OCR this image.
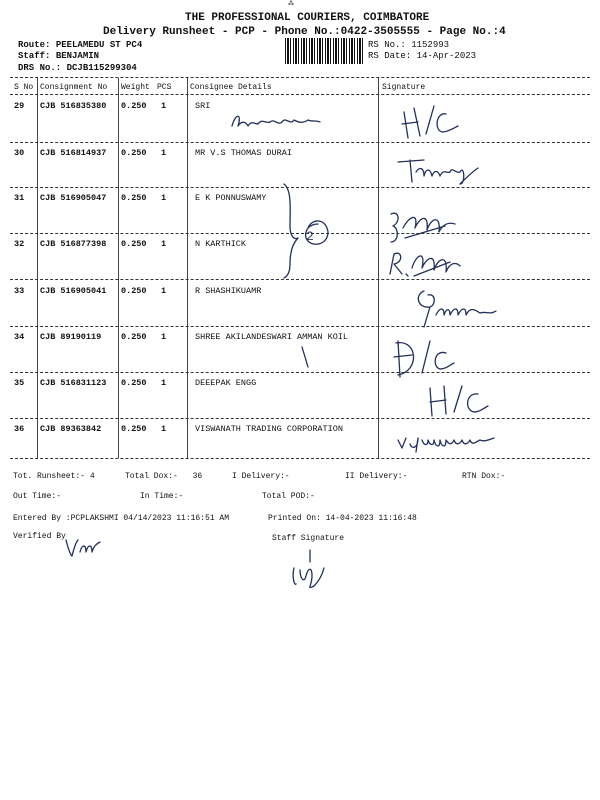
⁂
THE PROFESSIONAL COURIERS, COIMBATORE
Delivery Runsheet - PCP - Phone No.:0422-3505555 - Page No.:4
Route: PEELAMEDU ST PC4
Staff: BENJAMIN
DRS No.: DCJB115299304
RS No.: 1152993
RS Date: 14-Apr-2023
S No Consignment No Weight PCS Consignee Details	Signature
29 CJB 516835380 0.250 1	SRI
30 CJB 516814937 0.250 1	MR V.S THOMAS DURAI
31 CJB 516905047 0.250 1	E K PONNUSWAMY
32 CJB 516877398 0.250 1	N KARTHICK
33 CJB 516905041 0.250 1	R SHASHIKUAMR
34 CJB 89190119 0.250 1	SHREE AKILANDESWARI AMMAN KOIL
35 CJB 516831123 0.250 1	DEEEPAK ENGG
36 CJB 89363842 0.250 1	VISWANATH TRADING CORPORATION
2
Tot. Runsheet:- 4	Total Dox:- 36	I Delivery:-	II Delivery:-	RTN Dox:-
Out Time:-	In Time:-	Total POD:-
Entered By :PCPLAKSHMI 04/14/2023 11:16:51 AM	Printed On: 14-04-2023 11:16:48
Verified By	Staff Signature
